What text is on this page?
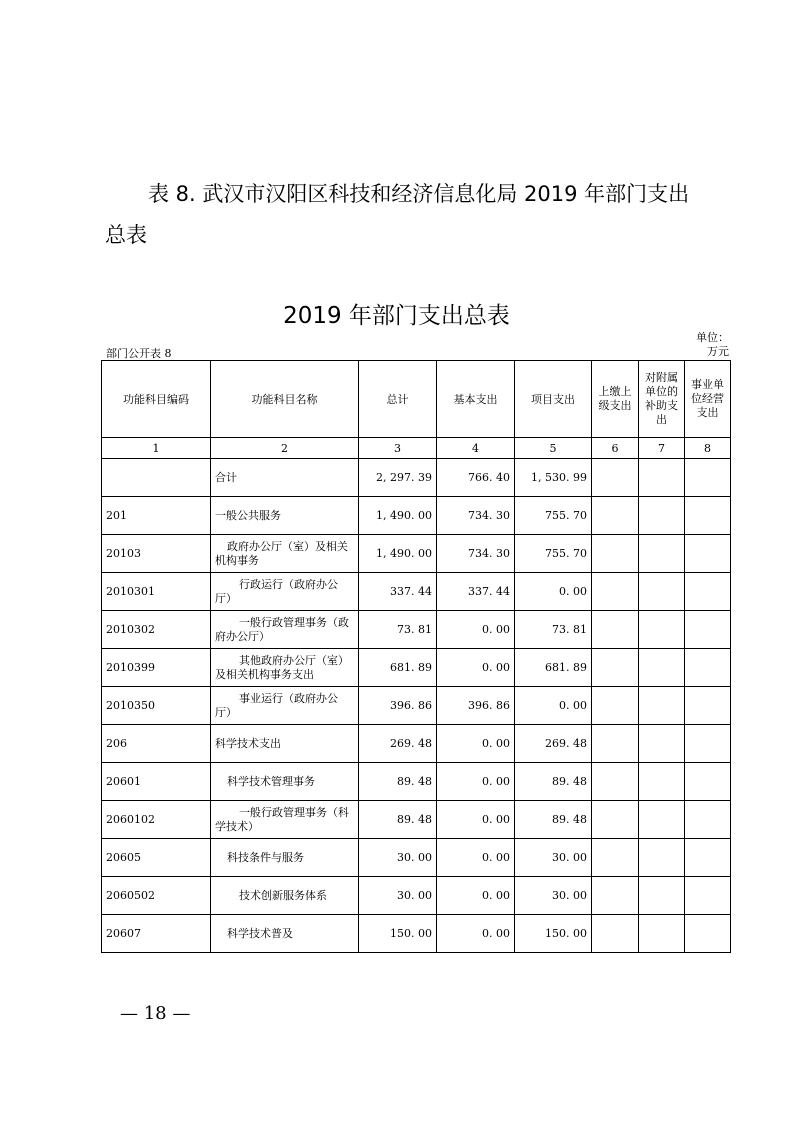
表 8. 武汉市汉阳区科技和经济信息化局 2019 年部门支出
总表
2019 年部门支出总表
单位：
万元
部门公开表 8
功能科目编码	功能科目名称	总计	基本支出	项目支出	上缴上级支出	对附属单位的补助支出	事业单位经营支出
1	2	3	4	5	6	7	8
	合计	2, 297. 39	766. 40	1, 530. 99			
201	一般公共服务	1, 490. 00	734. 30	755. 70			
20103	政府办公厅（室）及相关机构事务	1, 490. 00	734. 30	755. 70			
2010301	行政运行（政府办公厅）	337. 44	337. 44	0. 00			
2010302	一般行政管理事务（政府办公厅）	73. 81	0. 00	73. 81			
2010399	其他政府办公厅（室）及相关机构事务支出	681. 89	0. 00	681. 89			
2010350	事业运行（政府办公厅）	396. 86	396. 86	0. 00			
206	科学技术支出	269. 48	0. 00	269. 48			
20601	科学技术管理事务	89. 48	0. 00	89. 48			
2060102	一般行政管理事务（科学技术）	89. 48	0. 00	89. 48			
20605	科技条件与服务	30. 00	0. 00	30. 00			
2060502	技术创新服务体系	30. 00	0. 00	30. 00			
20607	科学技术普及	150. 00	0. 00	150. 00			
— 18 —
